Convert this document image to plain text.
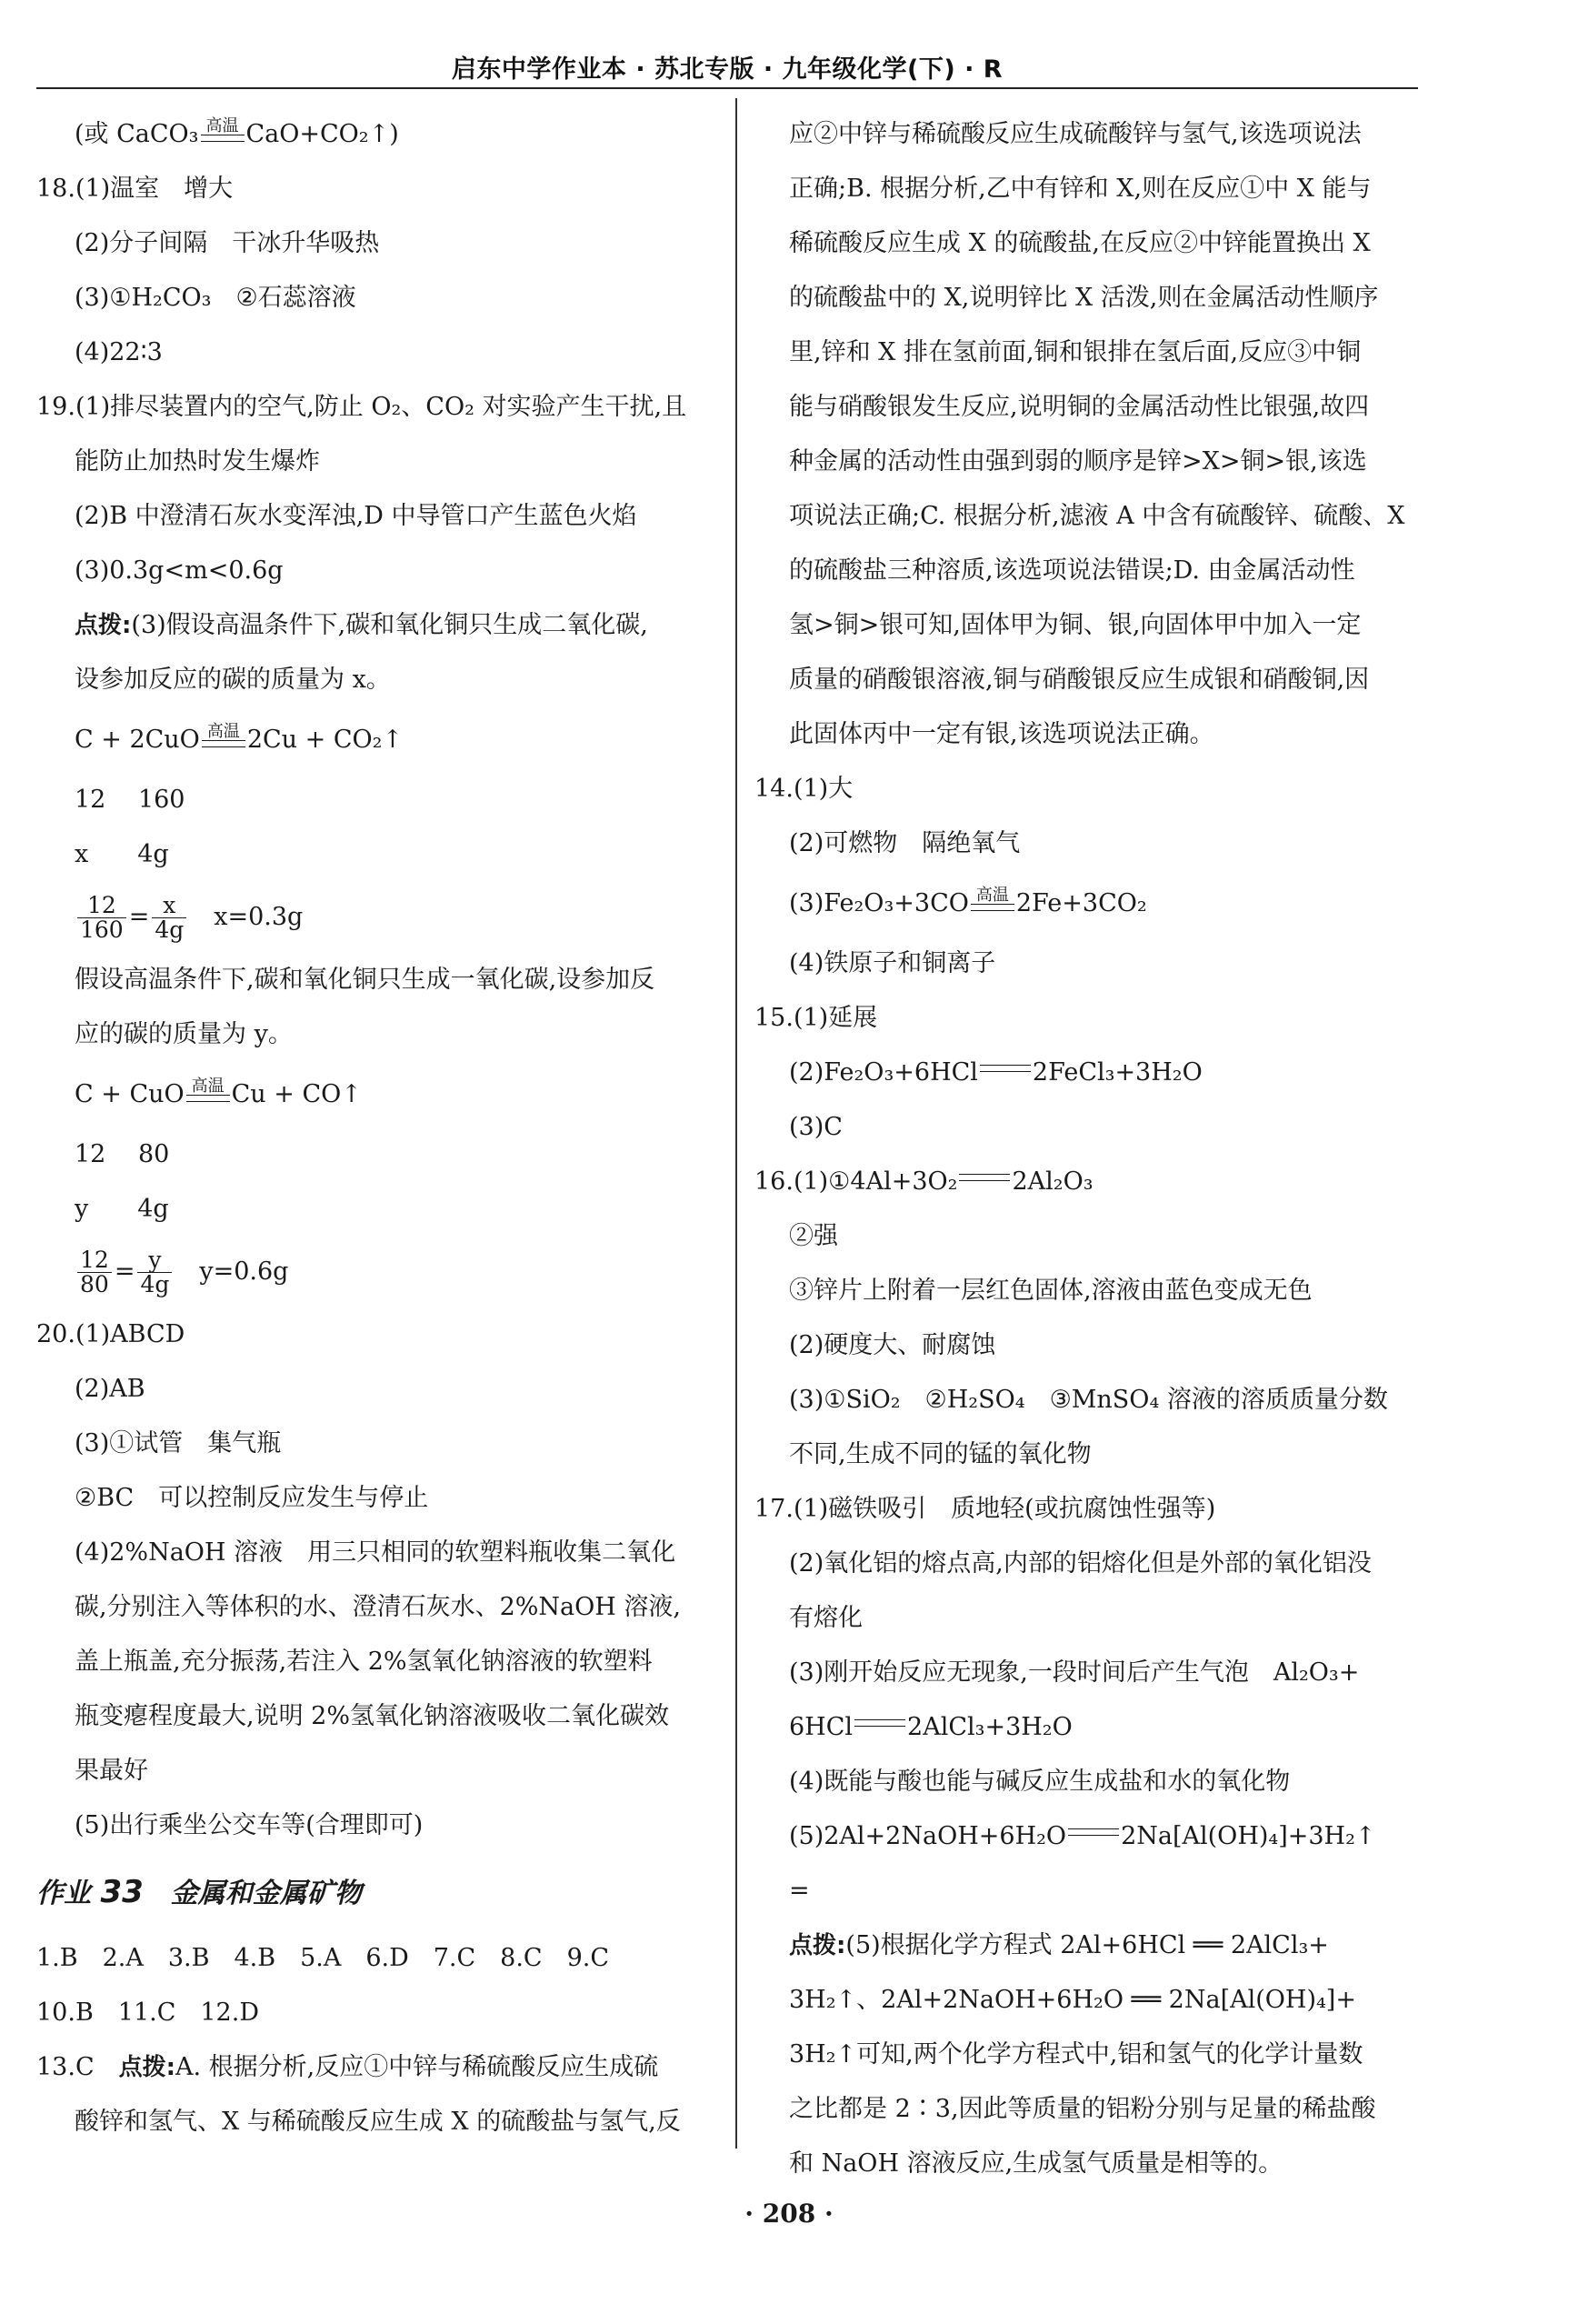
启东中学作业本 · 苏北专版 · 九年级化学(下) · R
(或 CaCO₃ 高温 CaO+CO₂↑)
18.(1)温室　增大
(2)分子间隔　干冰升华吸热
(3)①H₂CO₃　②石蕊溶液
(4)22∶3
19.(1)排尽装置内的空气,防止 O₂、CO₂ 对实验产生干扰,且
能防止加热时发生爆炸
(2)B 中澄清石灰水变浑浊,D 中导管口产生蓝色火焰
(3)0.3g<m<0.6g
点拨:(3)假设高温条件下,碳和氧化铜只生成二氧化碳,
设参加反应的碳的质量为 x。
C + 2CuO 高温 2Cu + CO₂↑
12　 160
x　　4g
$\frac{12}{160} = \frac{x}{4g}$
　 x=0.3g
假设高温条件下,碳和氧化铜只生成一氧化碳,设参加反
应的碳的质量为 y。
C + CuO 高温 Cu + CO↑
12　 80
y　　4g
$\frac{12}{80} = \frac{y}{4g}$
　 y=0.6g
20.(1)ABCD
(2)AB
(3)①试管　集气瓶
②BC　可以控制反应发生与停止
(4)2%NaOH 溶液　用三只相同的软塑料瓶收集二氧化
碳,分别注入等体积的水、澄清石灰水、2%NaOH 溶液,
盖上瓶盖,充分振荡,若注入 2%氢氧化钠溶液的软塑料
瓶变瘪程度最大,说明 2%氢氧化钠溶液吸收二氧化碳效
果最好
(5)出行乘坐公交车等(合理即可)
作业 33　 金属和金属矿物
1.B　2.A　3.B　4.B　5.A　6.D　7.C　8.C　9.C
10.B　11.C　12.D
13.C　点拨:A. 根据分析,反应①中锌与稀硫酸反应生成硫
酸锌和氢气、X 与稀硫酸反应生成 X 的硫酸盐与氢气,反
应②中锌与稀硫酸反应生成硫酸锌与氢气,该选项说法
正确;B. 根据分析,乙中有锌和 X,则在反应①中 X 能与
稀硫酸反应生成 X 的硫酸盐,在反应②中锌能置换出 X
的硫酸盐中的 X,说明锌比 X 活泼,则在金属活动性顺序
里,锌和 X 排在氢前面,铜和银排在氢后面,反应③中铜
能与硝酸银发生反应,说明铜的金属活动性比银强,故四
种金属的活动性由强到弱的顺序是锌>X>铜>银,该选
项说法正确;C. 根据分析,滤液 A 中含有硫酸锌、硫酸、X
的硫酸盐三种溶质,该选项说法错误;D. 由金属活动性
氢>铜>银可知,固体甲为铜、银,向固体甲中加入一定
质量的硝酸银溶液,铜与硝酸银反应生成银和硝酸铜,因
此固体丙中一定有银,该选项说法正确。
14.(1)大
(2)可燃物　隔绝氧气
(3)Fe₂O₃+3CO 高温 2Fe+3CO₂
(4)铁原子和铜离子
15.(1)延展
(2)Fe₂O₃+6HCl 2FeCl₃+3H₂O
(3)C
16.(1)①4Al+3O₂ 2Al₂O₃
②强
③锌片上附着一层红色固体,溶液由蓝色变成无色
(2)硬度大、耐腐蚀
(3)①SiO₂　②H₂SO₄　③MnSO₄ 溶液的溶质质量分数
不同,生成不同的锰的氧化物
17.(1)磁铁吸引　质地轻(或抗腐蚀性强等)
(2)氧化铝的熔点高,内部的铝熔化但是外部的氧化铝没
有熔化
(3)刚开始反应无现象,一段时间后产生气泡　Al₂O₃+
6HCl 2AlCl₃+3H₂O
(4)既能与酸也能与碱反应生成盐和水的氧化物
(5)2Al+2NaOH+6H₂O 2Na[Al(OH)₄]+3H₂↑
=
点拨:(5)根据化学方程式 2Al+6HCl ══ 2AlCl₃+
3H₂↑、2Al+2NaOH+6H₂O ══ 2Na[Al(OH)₄]+
3H₂↑可知,两个化学方程式中,铝和氢气的化学计量数
之比都是 2∶3,因此等质量的铝粉分别与足量的稀盐酸
和 NaOH 溶液反应,生成氢气质量是相等的。
· 208 ·
